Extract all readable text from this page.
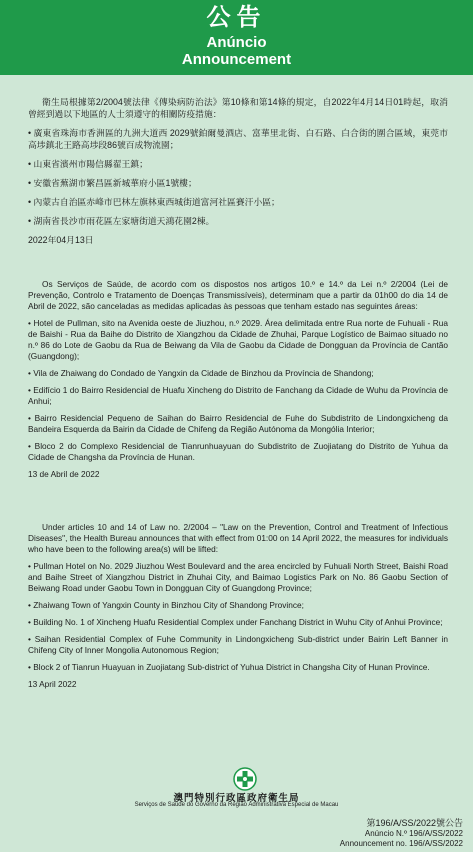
公告
Anúncio
Announcement

衛生局根據第2/2004號法律《傳染病防治法》第10條和第14條的規定，自2022年4月14日01時起，取消曾經到過以下地區的人士須遵守的相關防疫措施：

• 廣東省珠海市香洲區的九洲大道西 2029號鉑爾曼酒店、富華里北街、白石路、白合街的圍合區域，東莞市高埗鎮北王路高埗段86號百成物流園；

• 山東省濱州市陽信縣翟王鎮；

• 安徽省蕪湖市繁昌區新城華府小區1號樓；

• 內蒙古自治區赤峰市巴林左旗林東西城街道富河社區賽汗小區；

• 湖南省長沙市雨花區左家塘街道天鴻花園2棟。

2022年04月13日

Os Serviços de Saúde, de acordo com os dispostos nos artigos 10.º e 14.º da Lei n.º 2/2004 (Lei de Prevenção, Controlo e Tratamento de Doenças Transmissíveis), determinam que a partir da 01h00 do dia 14 de Abril de 2022, são canceladas as medidas aplicadas às pessoas que tenham estado nas seguintes áreas:

• Hotel de Pullman, sito na Avenida oeste de Jiuzhou, n.º 2029. Área delimitada entre Rua norte de Fuhuali - Rua de Baishi - Rua da Baihe do Distrito de Xiangzhou da Cidade de Zhuhai, Parque Logístico de Baimao situado no n.º 86 do Lote de Gaobu da Rua de Beiwang da Vila de Gaobu da Cidade de Dongguan da Província de Cantão (Guangdong);

• Vila de Zhaiwang do Condado de Yangxin da Cidade de Binzhou da Província de Shandong;

• Edifício 1 do Bairro Residencial de Huafu Xincheng do Distrito de Fanchang da Cidade de Wuhu da Província de Anhui;

• Bairro Residencial Pequeno de Saihan do Bairro Residencial de Fuhe do Subdistrito de Lindongxicheng da Bandeira Esquerda da Bairin da Cidade de Chifeng da Região Autónoma da Mongólia Interior;

• Bloco 2 do Complexo Residencial de Tianrunhuayuan do Subdistrito de Zuojiatang do Distrito de Yuhua da Cidade de Changsha da Província de Hunan.

13 de Abril de 2022

Under articles 10 and 14 of Law no. 2/2004 – "Law on the Prevention, Control and Treatment of Infectious Diseases", the Health Bureau announces that with effect from 01:00 on 14 April 2022, the measures for individuals who have been to the following area(s) will be lifted:

• Pullman Hotel on No. 2029 Jiuzhou West Boulevard and the area encircled by Fuhuali North Street, Baishi Road and Baihe Street of Xiangzhou District in Zhuhai City, and Baimao Logistics Park on No. 86 Gaobu Section of Beiwang Road under Gaobu Town in Dongguan City of Guangdong Province;

• Zhaiwang Town of Yangxin County in Binzhou City of Shandong Province;

• Building No. 1 of Xincheng Huafu Residential Complex under Fanchang District in Wuhu City of Anhui Province;

• Saihan Residential Complex of Fuhe Community in Lindongxicheng Sub-district under Bairin Left Banner in Chifeng City of Inner Mongolia Autonomous Region;

• Block 2 of Tianrun Huayuan in Zuojiatang Sub-district of Yuhua District in Changsha City of Hunan Province.

13 April 2022

澳門特別行政區政府衛生局
Serviços de Saúde do Governo da Região Administrativa Especial de Macau
第196/A/SS/2022號公告
Anúncio N.º 196/A/SS/2022
Announcement no. 196/A/SS/2022
